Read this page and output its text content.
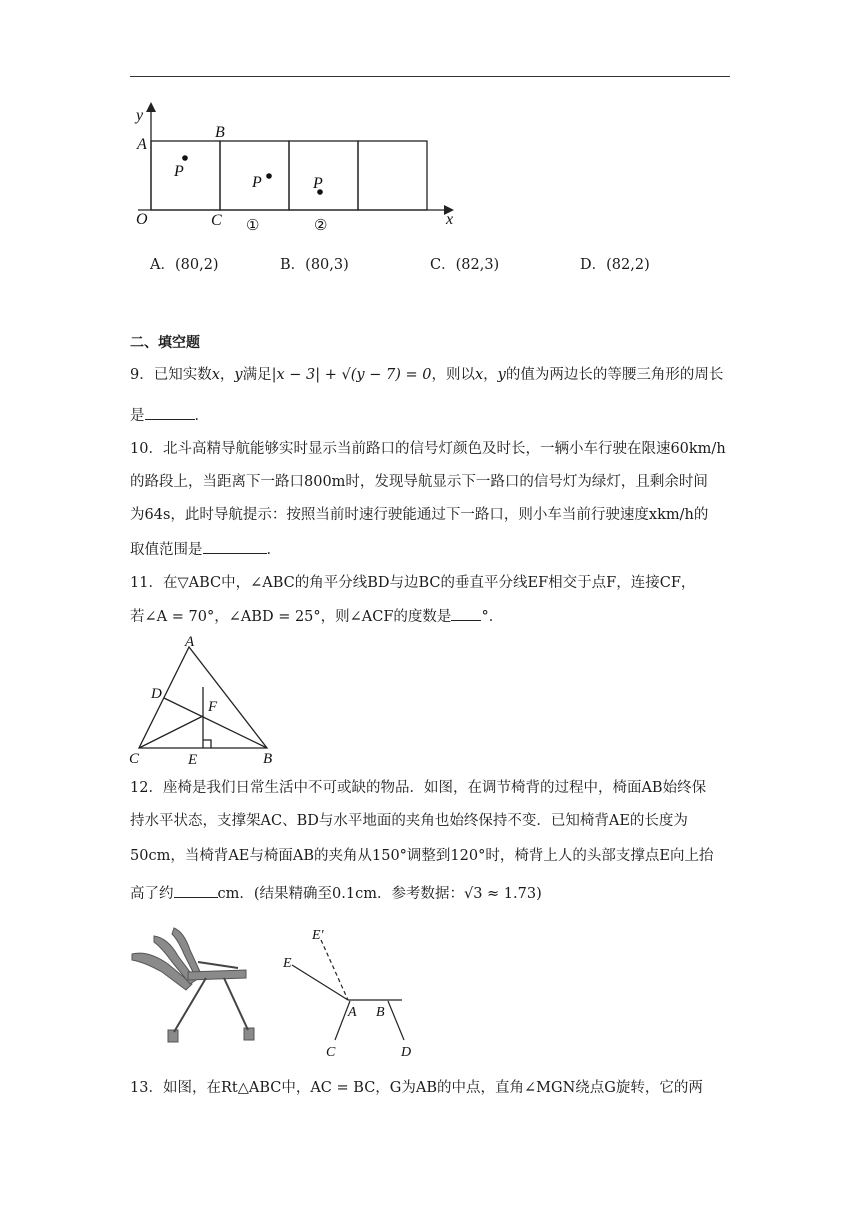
y
x
O
A
B
C
P
P	P
①	②
A．(80,2)	B．(80,3)	C．(82,3)	D．(82,2)
二、填空题
9．已知实数x，y满足|x − 3| + √(y − 7) = 0，则以x，y的值为两边长的等腰三角形的周长
是	．
10．北斗高精导航能够实时显示当前路口的信号灯颜色及时长，一辆小车行驶在限速60km/h
的路段上，当距离下一路口800m时，发现导航显示下一路口的信号灯为绿灯，且剩余时间
为64s，此时导航提示：按照当前时速行驶能通过下一路口，则小车当前行驶速度xkm/h的
取值范围是	．
11．在▽ABC中，∠ABC的角平分线BD与边BC的垂直平分线EF相交于点F，连接CF，
若∠A = 70°，∠ABD = 25°，则∠ACF的度数是 °．
A
B
C
D
E
F
12．座椅是我们日常生活中不可或缺的物品．如图，在调节椅背的过程中，椅面AB始终保
持水平状态，支撑架AC、BD与水平地面的夹角也始终保持不变．已知椅背AE的长度为
50cm，当椅背AE与椅面AB的夹角从150°调整到120°时，椅背上人的头部支撑点E向上抬
高了约	cm．(结果精确至0.1cm．参考数据：√3 ≈ 1.73)
E
E′
A B
C	D
13．如图，在Rt△ABC中，AC = BC，G为AB的中点，直角∠MGN绕点G旋转，它的两
